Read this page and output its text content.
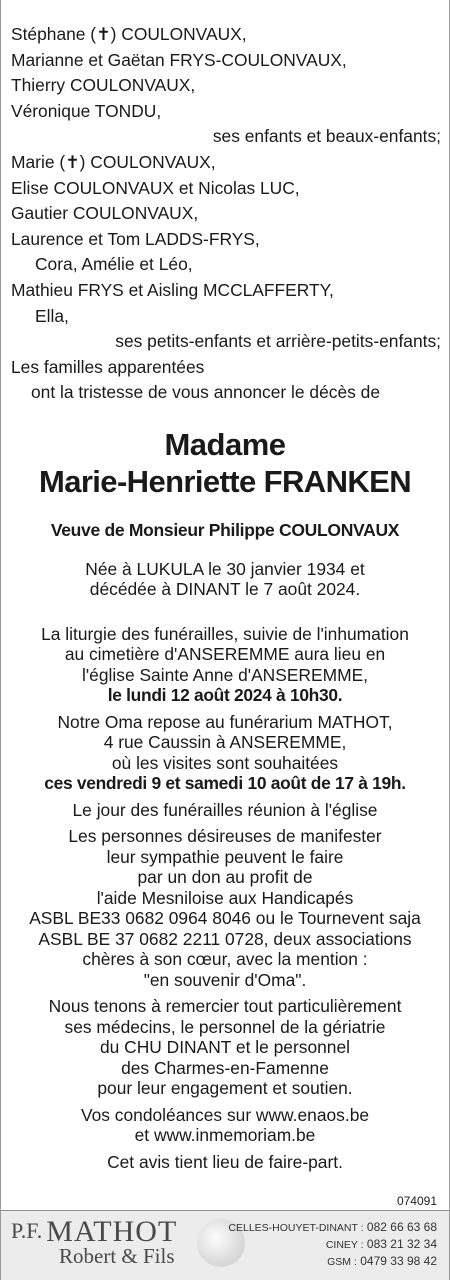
Stéphane (✝) COULONVAUX,
Marianne et Gaëtan FRYS-COULONVAUX,
Thierry COULONVAUX,
Véronique TONDU,
ses enfants et beaux-enfants;
Marie (✝) COULONVAUX,
Elise COULONVAUX et Nicolas LUC,
Gautier COULONVAUX,
Laurence et Tom LADDS-FRYS,
Cora, Amélie et Léo,
Mathieu FRYS et Aisling MCCLAFFERTY,
Ella,
ses petits-enfants et arrière-petits-enfants;
Les familles apparentées
ont la tristesse de vous annoncer le décès de
Madame
Marie-Henriette FRANKEN
Veuve de Monsieur Philippe COULONVAUX
Née à LUKULA le 30 janvier 1934 et
décédée à DINANT le 7 août 2024.
La liturgie des funérailles, suivie de l'inhumation
au cimetière d'ANSEREMME aura lieu en
l'église Sainte Anne d'ANSEREMME,
le lundi 12 août 2024 à 10h30.
Notre Oma repose au funérarium MATHOT,
4 rue Caussin à ANSEREMME,
où les visites sont souhaitées
ces vendredi 9 et samedi 10 août de 17 à 19h.
Le jour des funérailles réunion à l'église
Les personnes désireuses de manifester
leur sympathie peuvent le faire
par un don au profit de
l'aide Mesniloise aux Handicapés
ASBL BE33 0682 0964 8046 ou le Tournevent saja
ASBL BE 37 0682 2211 0728, deux associations
chères à son cœur, avec la mention :
"en souvenir d'Oma".
Nous tenons à remercier tout particulièrement
ses médecins, le personnel de la gériatrie
du CHU DINANT et le personnel
des Charmes-en-Famenne
pour leur engagement et soutien.
Vos condoléances sur www.enaos.be
et www.inmemoriam.be
Cet avis tient lieu de faire-part.
074091
P.F. MATHOT
Robert & Fils
CELLES-HOUYET-DINANT : 082 66 63 68
CINEY : 083 21 32 34
GSM : 0479 33 98 42
